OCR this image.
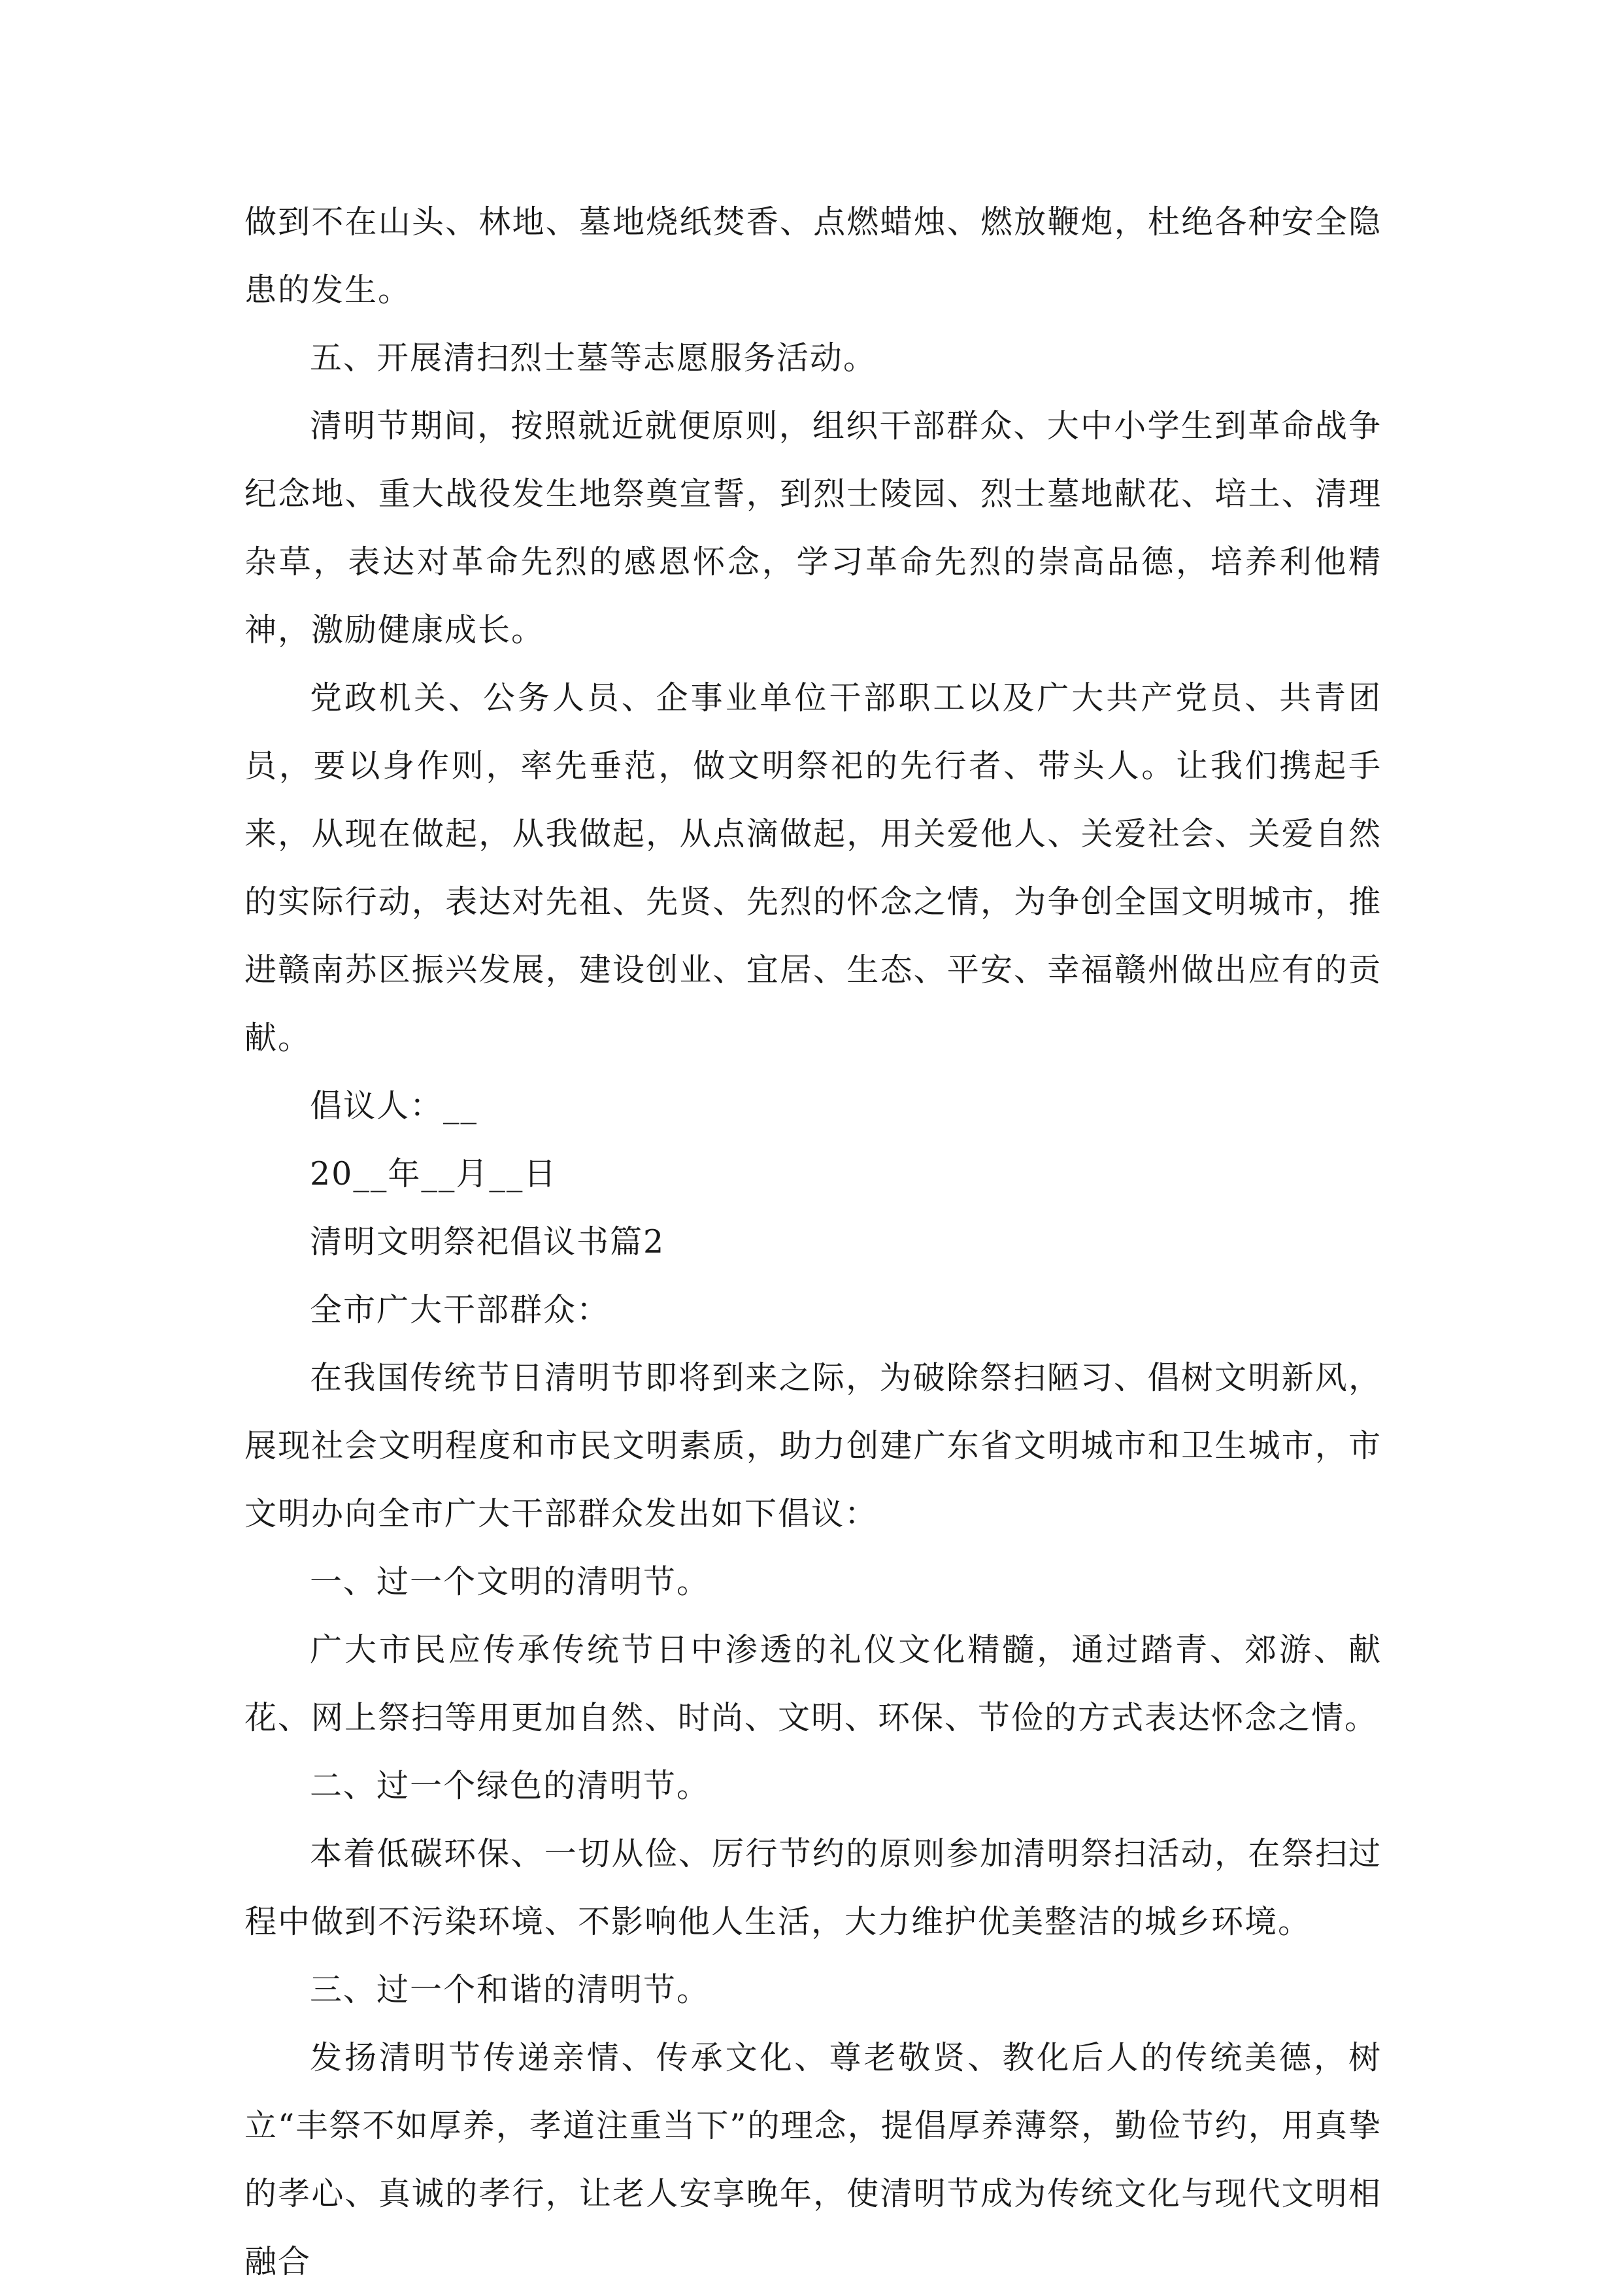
做到不在山头、林地、墓地烧纸焚香、点燃蜡烛、燃放鞭炮，杜绝各种安全隐患的发生。

五、开展清扫烈士墓等志愿服务活动。

清明节期间，按照就近就便原则，组织干部群众、大中小学生到革命战争纪念地、重大战役发生地祭奠宣誓，到烈士陵园、烈士墓地献花、培土、清理杂草，表达对革命先烈的感恩怀念，学习革命先烈的崇高品德，培养利他精神，激励健康成长。

党政机关、公务人员、企事业单位干部职工以及广大共产党员、共青团员，要以身作则，率先垂范，做文明祭祀的先行者、带头人。让我们携起手来，从现在做起，从我做起，从点滴做起，用关爱他人、关爱社会、关爱自然的实际行动，表达对先祖、先贤、先烈的怀念之情，为争创全国文明城市，推进赣南苏区振兴发展，建设创业、宜居、生态、平安、幸福赣州做出应有的贡献。

倡议人：__

20__年__月__日

清明文明祭祀倡议书篇2

全市广大干部群众：

在我国传统节日清明节即将到来之际，为破除祭扫陋习、倡树文明新风，展现社会文明程度和市民文明素质，助力创建广东省文明城市和卫生城市，市文明办向全市广大干部群众发出如下倡议：

一、过一个文明的清明节。

广大市民应传承传统节日中渗透的礼仪文化精髓，通过踏青、郊游、献花、网上祭扫等用更加自然、时尚、文明、环保、节俭的方式表达怀念之情。

二、过一个绿色的清明节。

本着低碳环保、一切从俭、厉行节约的原则参加清明祭扫活动，在祭扫过程中做到不污染环境、不影响他人生活，大力维护优美整洁的城乡环境。

三、过一个和谐的清明节。

发扬清明节传递亲情、传承文化、尊老敬贤、教化后人的传统美德，树立“丰祭不如厚养，孝道注重当下”的理念，提倡厚养薄祭，勤俭节约，用真挚的孝心、真诚的孝行，让老人安享晚年，使清明节成为传统文化与现代文明相融合
